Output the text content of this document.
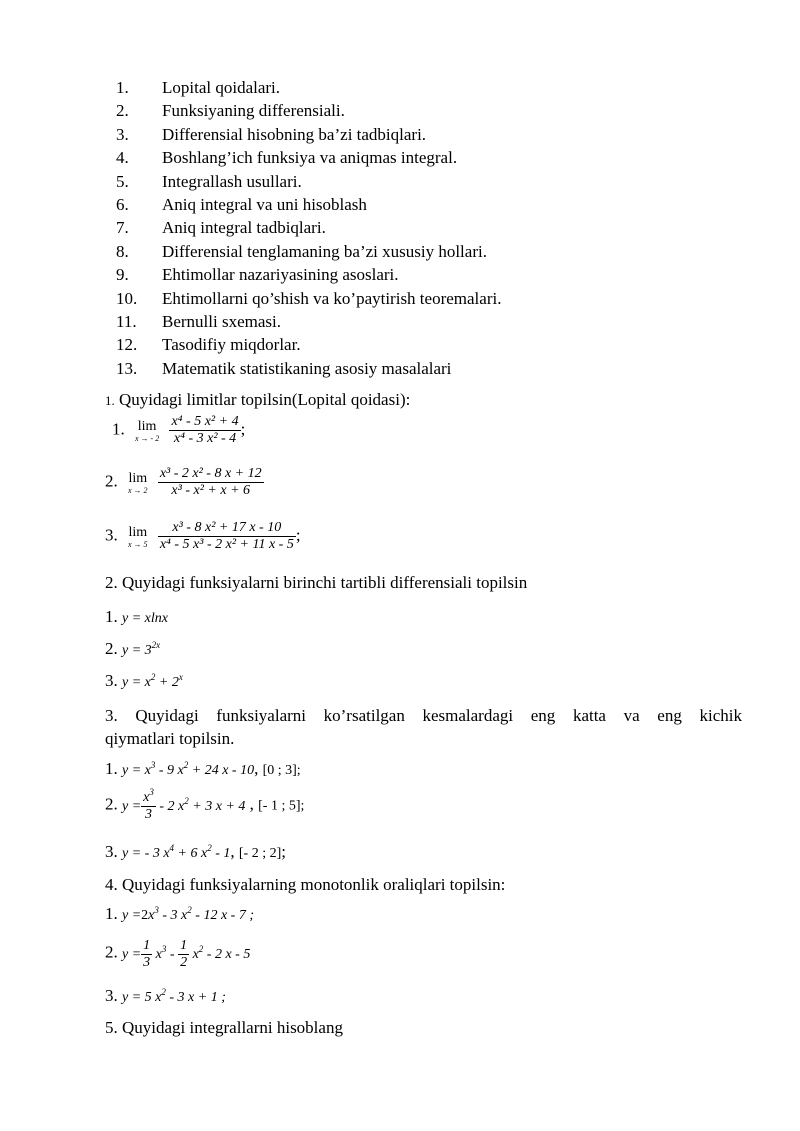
1. Lopital qoidalari.
2. Funksiyaning differensiali.
3. Differensial hisobning ba’zi tadbiqlari.
4. Boshlang’ich funksiya va aniqmas integral.
5. Integrallash usullari.
6. Aniq integral va uni hisoblash
7. Aniq integral tadbiqlari.
8. Differensial tenglamaning ba’zi xususiy hollari.
9. Ehtimollar nazariyasining asoslari.
10. Ehtimollarni qo’shish va ko’paytirish teoremalari.
11. Bernulli sxemasi.
12. Tasodifiy miqdorlar.
13. Matematik statistikaning asosiy masalalari
1. Quyidagi limitlar topilsin(Lopital qoidasi):
1. lim
x → - 2
$\frac{\text{x⁴ - 5 x² + 4}}{\text{x⁴ - 3 x² - 4}}$ ;
2. lim
x → 2
$\frac{\text{x³ - 2 x² - 8 x + 12}}{\text{x³ - x² + x + 6}}$
3. lim
x → 5
$\frac{\text{x³ - 8 x² + 17 x - 10}}{\text{x⁴ - 5 x³ - 2 x² + 11 x - 5}}$ ;
2. Quyidagi funksiyalarni birinchi tartibli differensiali topilsin
1. y = xlnx
2. $y = 3^{2x}$
3. $y = x^2 + 2^x$
3. Quyidagi funksiyalarni ko’rsatilgan kesmalardagi eng katta va eng kichik
qiymatlari topilsin.
1. $y = x^3 - 9$ $x^2 + 24$ x - 10, [0 ; 3];
2. $y = \frac{x^3}{3} - 2$ $x^2 + 3$ x + 4 , [- 1 ; 5];
3. y = - 3 $x^4 + 6$ $x^2 - 1$, [- 2 ; 2];
4. Quyidagi funksiyalarning monotonlik oraliqlari topilsin:
1. $y =2x^3 - 3$ $x^2 - 12$ x - 7 ;
2. $y = \frac{1}{3} x^3 - \frac{1}{2} x^2 - 2$ x - 5
3. y = 5 $x^2 - 3$ x + 1 ;
5. Quyidagi integrallarni hisoblang
